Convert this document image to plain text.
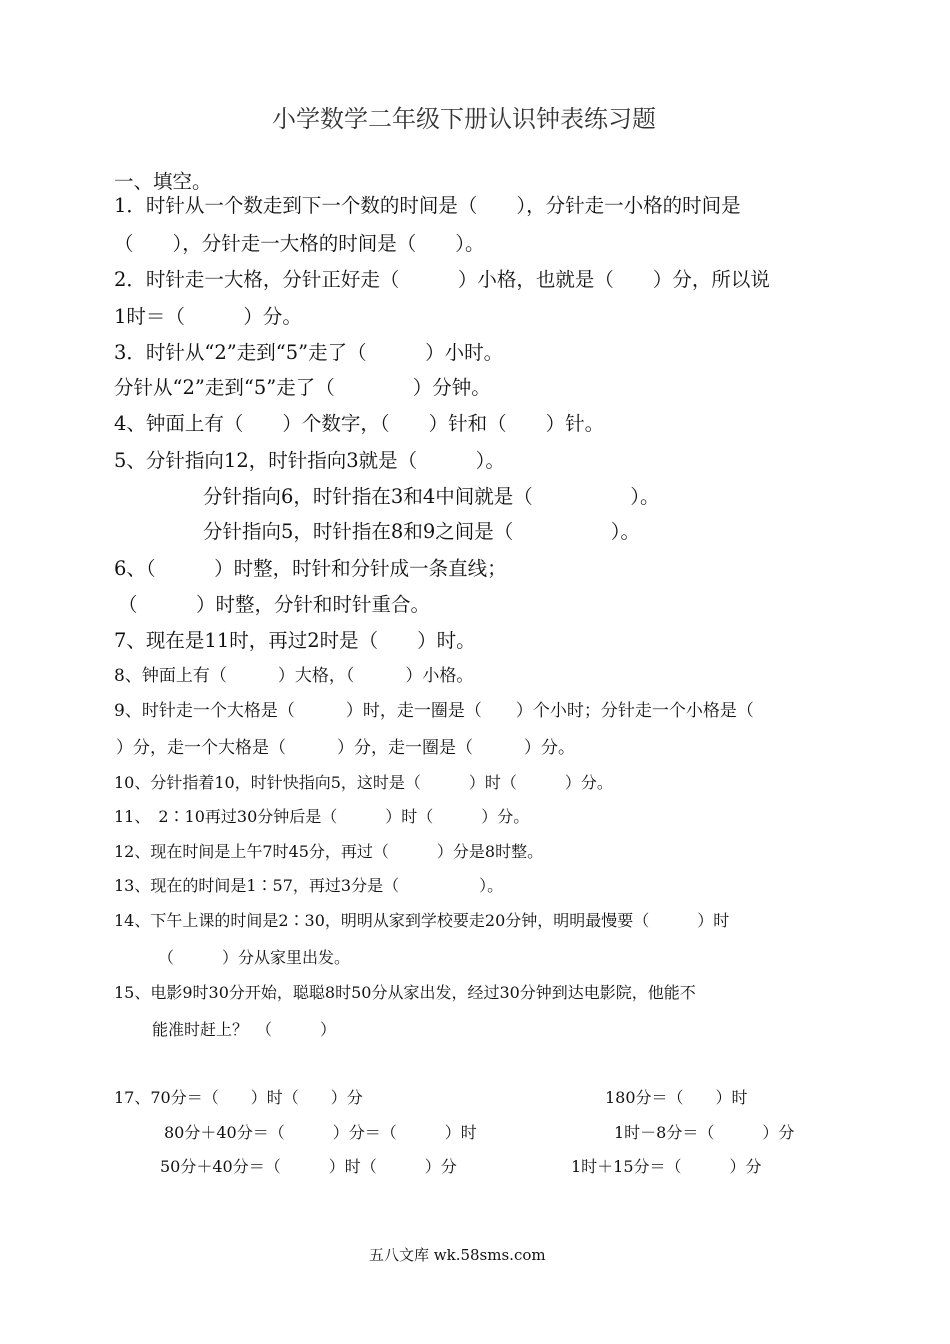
小学数学二年级下册认识钟表练习题
一、填空。
1．时针从一个数走到下一个数的时间是（　　），分针走一小格的时间是
（　　），分针走一大格的时间是（　　）。
2．时针走一大格，分针正好走（　　　）小格，也就是（　　）分，所以说
1时＝（　　　）分。
3．时针从“2”走到“5”走了（　　　）小时。
分针从“2”走到“5”走了（　　　　）分钟。
4、钟面上有（　　）个数字，（　　）针和（　　）针。
5、分针指向12，时针指向3就是（　　　）。
分针指向6，时针指在3和4中间就是（　　　　　）。
分针指向5，时针指在8和9之间是（　　　　　）。
6、（　　　）时整，时针和分针成一条直线；
（　　　）时整，分针和时针重合。
7、现在是11时，再过2时是（　　）时。
8、钟面上有（　　　）大格，（　　　）小格。
9、时针走一个大格是（　　　）时，走一圈是（　　）个小时；分针走一个小格是（
）分，走一个大格是（　　　）分，走一圈是（　　　）分。
10、分针指着10，时针快指向5，这时是（　　　）时（　　　）分。
11、　2∶10再过30分钟后是（　　　）时（　　　）分。
12、现在时间是上午7时45分，再过（　　　）分是8时整。
13、现在的时间是1∶57，再过3分是（　　　　　）。
14、下午上课的时间是2∶30，明明从家到学校要走20分钟，明明最慢要（　　　）时
（　　　）分从家里出发。
15、电影9时30分开始，聪聪8时50分从家出发，经过30分钟到达电影院，他能不
能准时赶上？　（　　　）
17、70分＝（　　）时（　　）分	180分＝（　　）时
80分＋40分＝（　　　）分＝（　　　）时	1时－8分＝（　　　）分
50分＋40分＝（　　　）时（　　　）分	1时＋15分＝（　　　）分
五八文库 wk.58sms.com
